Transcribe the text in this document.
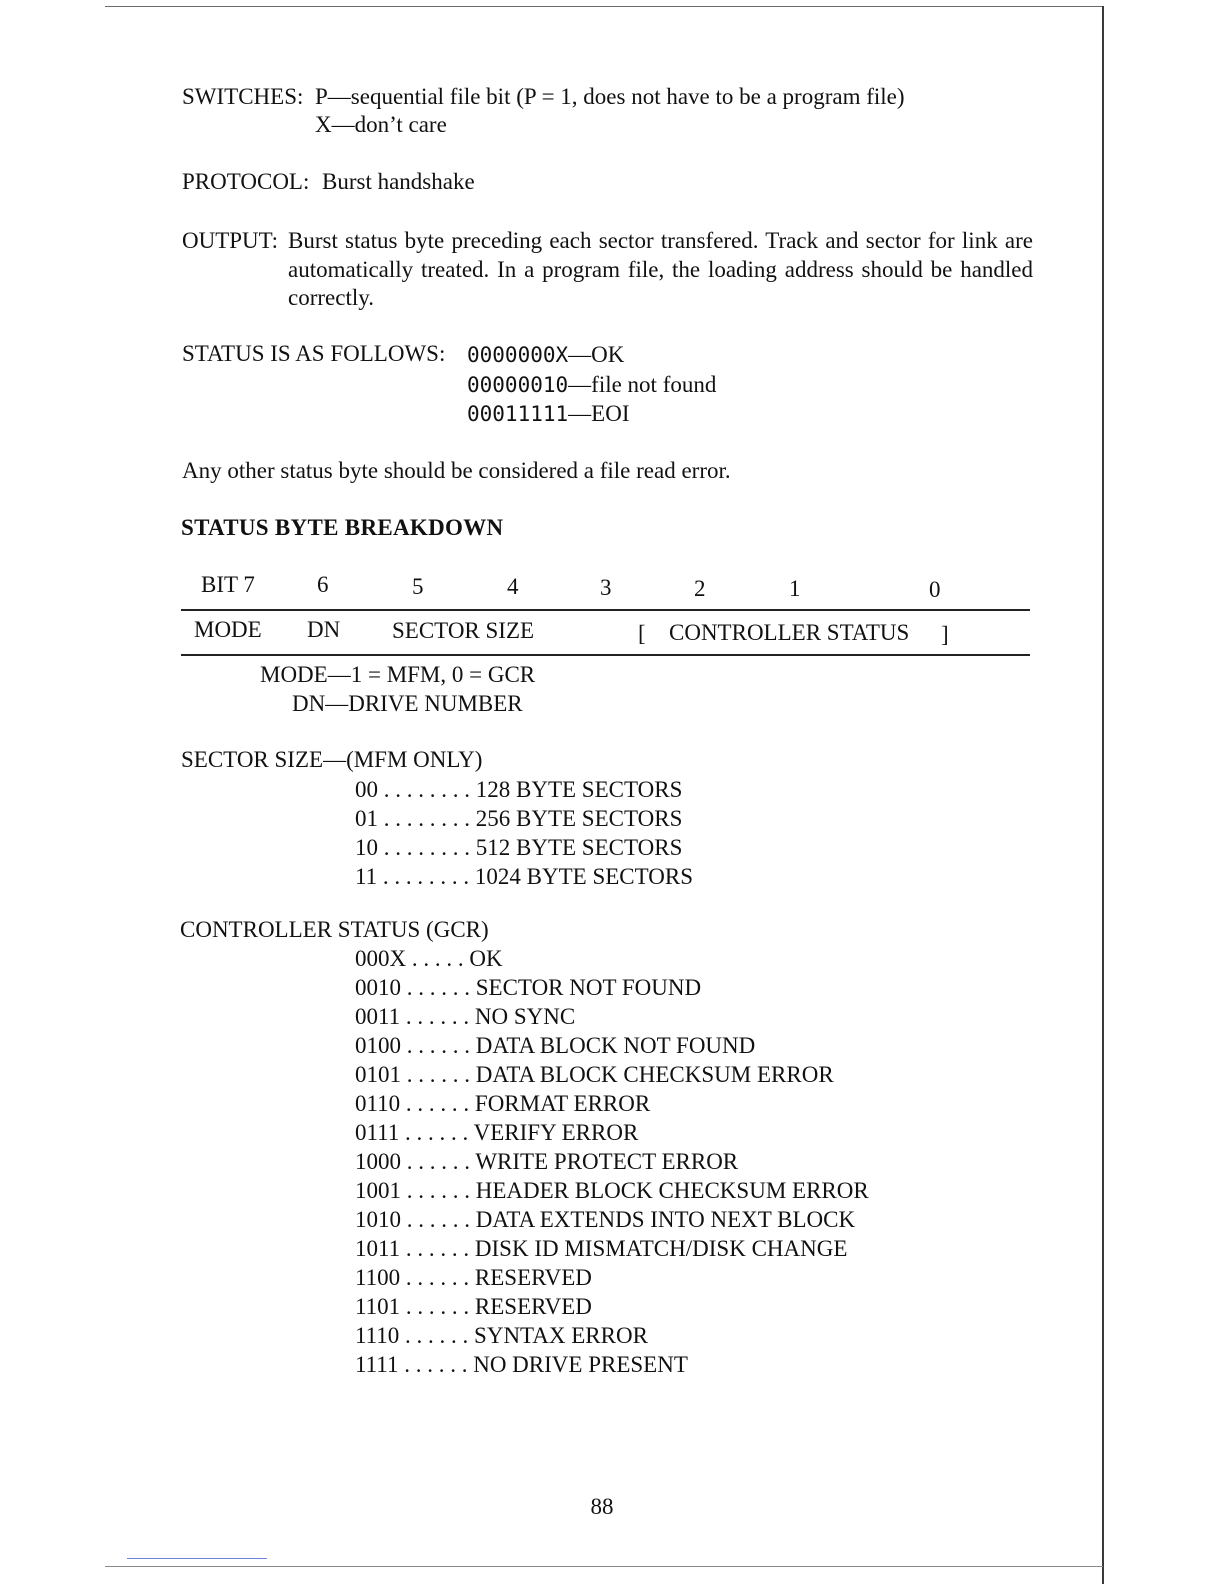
SWITCHES: P—sequential file bit (P = 1, does not have to be a program file)
X—don’t care
PROTOCOL: Burst handshake
OUTPUT: Burst status byte preceding each sector transfered. Track and sector for link are
automatically treated. In a program file, the loading address should be handled
correctly.
STATUS IS AS FOLLOWS: 0000000X—OK
00000010—file not found
00011111—EOI
Any other status byte should be considered a file read error.
STATUS BYTE BREAKDOWN
BIT 7	6	5	4	3	2	1	0
MODE DN SECTOR SIZE	[ CONTROLLER STATUS ]
MODE—1 = MFM, 0 = GCR
DN—DRIVE NUMBER
SECTOR SIZE—(MFM ONLY)
00 . . . . . . . . 128 BYTE SECTORS
01 . . . . . . . . 256 BYTE SECTORS
10 . . . . . . . . 512 BYTE SECTORS
11 . . . . . . . . 1024 BYTE SECTORS
CONTROLLER STATUS (GCR)
000X . . . . . OK
0010 . . . . . . SECTOR NOT FOUND
0011 . . . . . . NO SYNC
0100 . . . . . . DATA BLOCK NOT FOUND
0101 . . . . . . DATA BLOCK CHECKSUM ERROR
0110 . . . . . . FORMAT ERROR
0111 . . . . . . VERIFY ERROR
1000 . . . . . . WRITE PROTECT ERROR
1001 . . . . . . HEADER BLOCK CHECKSUM ERROR
1010 . . . . . . DATA EXTENDS INTO NEXT BLOCK
1011 . . . . . . DISK ID MISMATCH/DISK CHANGE
1100 . . . . . . RESERVED
1101 . . . . . . RESERVED
1110 . . . . . . SYNTAX ERROR
1111 . . . . . . NO DRIVE PRESENT
88
